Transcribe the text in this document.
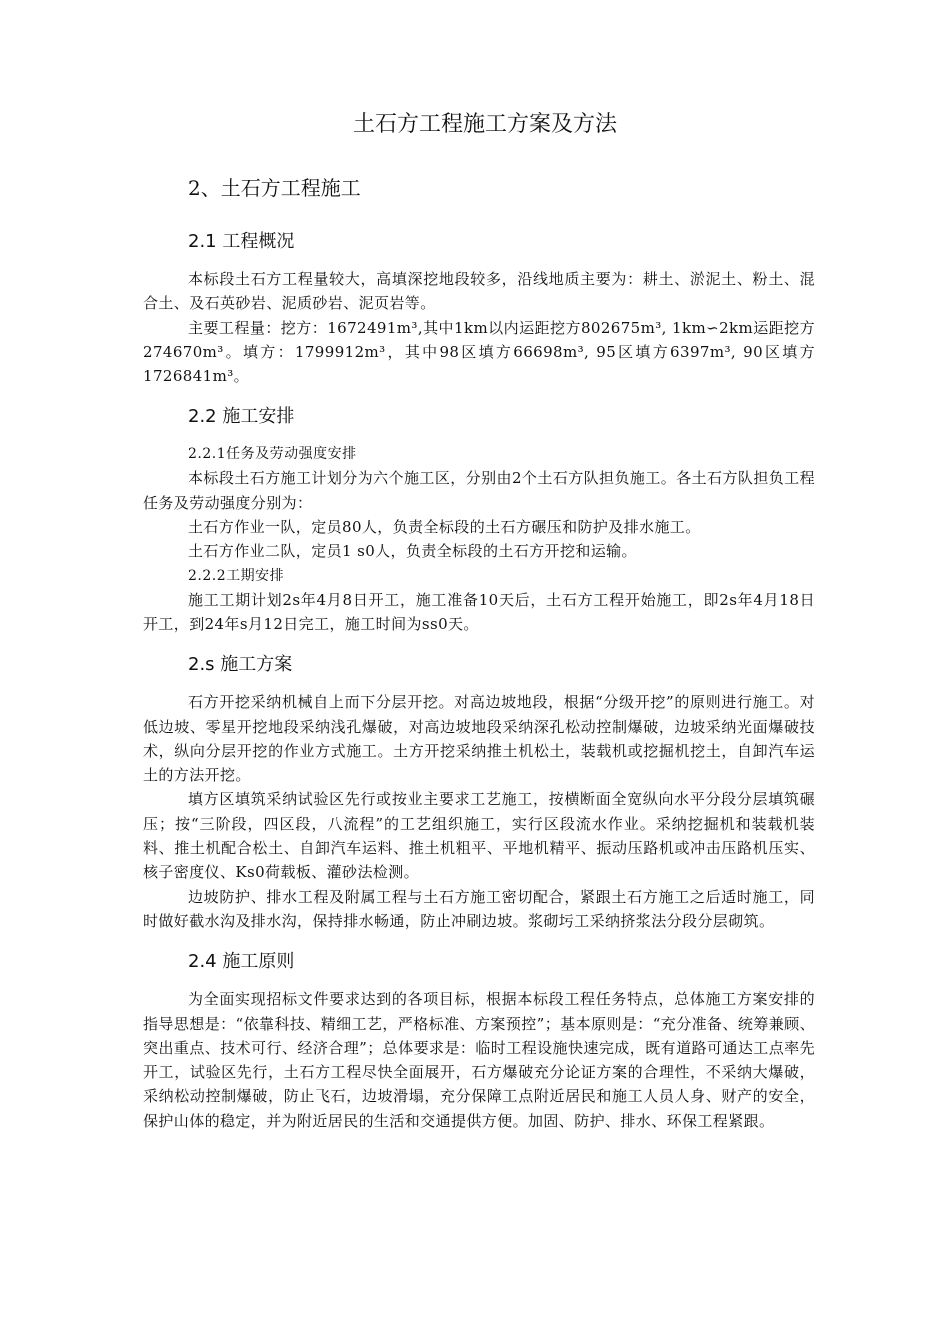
土石方工程施工方案及方法
2、土石方工程施工
2.1 工程概况

本标段土石方工程量较大，高填深挖地段较多，沿线地质主要为：耕土、淤泥土、粉土、混合土、及石英砂岩、泥质砂岩、泥页岩等。

主要工程量：挖方：1672491m³,其中1km以内运距挖方802675m³, 1km∽2km运距挖方274670m³。填方：1799912m³，其中98区填方66698m³, 95区填方6397m³, 90区填方 1726841m³。

2.2 施工安排
2.2.1任务及劳动强度安排

本标段土石方施工计划分为六个施工区，分别由2个土石方队担负施工。各土石方队担负工程任务及劳动强度分别为：

土石方作业一队，定员80人，负责全标段的土石方碾压和防护及排水施工。

土石方作业二队，定员1 s0人，负责全标段的土石方开挖和运输。

2.2.2工期安排

施工工期计划2s年4月8日开工，施工准备10天后，土石方工程开始施工，即2s年4月18日开工，到24年s月12日完工，施工时间为ss0天。

2.s 施工方案

石方开挖采纳机械自上而下分层开挖。对高边坡地段，根据“分级开挖”的原则进行施工。对低边坡、零星开挖地段采纳浅孔爆破，对高边坡地段采纳深孔松动控制爆破，边坡采纳光面爆破技术，纵向分层开挖的作业方式施工。土方开挖采纳推土机松土，装载机或挖掘机挖土，自卸汽车运土的方法开挖。

填方区填筑采纳试验区先行或按业主要求工艺施工，按横断面全宽纵向水平分段分层填筑碾压；按“三阶段，四区段，八流程”的工艺组织施工，实行区段流水作业。采纳挖掘机和装载机装料、推土机配合松土、自卸汽车运料、推土机粗平、平地机精平、振动压路机或冲击压路机压实、核子密度仪、Ks0荷载板、灌砂法检测。

边坡防护、排水工程及附属工程与土石方施工密切配合，紧跟土石方施工之后适时施工，同时做好截水沟及排水沟，保持排水畅通，防止冲刷边坡。浆砌圬工采纳挤浆法分段分层砌筑。

2.4 施工原则

为全面实现招标文件要求达到的各项目标，根据本标段工程任务特点，总体施工方案安排的指导思想是：“依靠科技、精细工艺，严格标准、方案预控”；基本原则是：“充分准备、统筹兼顾、突出重点、技术可行、经济合理”；总体要求是：临时工程设施快速完成，既有道路可通达工点率先开工，试验区先行，土石方工程尽快全面展开，石方爆破充分论证方案的合理性，不采纳大爆破，采纳松动控制爆破，防止飞石，边坡滑塌，充分保障工点附近居民和施工人员人身、财产的安全，保护山体的稳定，并为附近居民的生活和交通提供方便。加固、防护、排水、环保工程紧跟。
